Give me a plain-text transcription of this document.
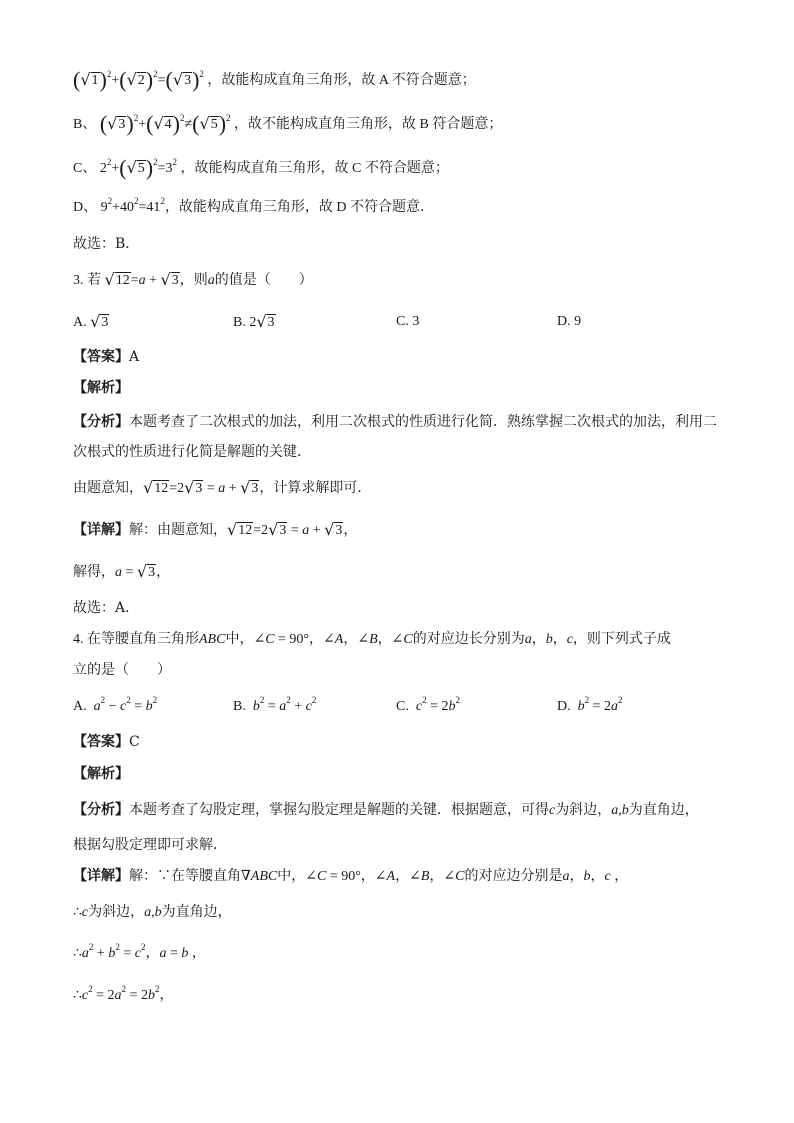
$(√1)^2+(√2)^2=(√3)^2$ ，故能构成直角三角形，故 A 不符合题意；
B、 $(√3)^2+(√4)^2\ne(√5)^2$ ，故不能构成直角三角形，故 B 符合题意；
C、 $2^2+(√5)^2=3^2$ ，故能构成直角三角形，故 C 不符合题意；
D、 $9^2+40^2=41^2$，故能构成直角三角形，故 D 不符合题意．
故选：B．
3. 若 √12=a + √3，则a的值是（　　）
A. √3	B. 2√3	C. 3	D. 9
【答案】A
【解析】
【分析】本题考查了二次根式的加法，利用二次根式的性质进行化简．熟练掌握二次根式的加法，利用二
次根式的性质进行化简是解题的关键．
由题意知，√12=2√3 = a + √3，计算求解即可．
【详解】解：由题意知，√12=2√3 = a + √3，
解得，a = √3，
故选：A．
4. 在等腰直角三角形ABC中，∠C = 90°，∠A，∠B，∠C的对应边长分别为a，b，c，则下列式子成
立的是（　　）
A. $a^2 - c^2 = b^2$	B. $b^2 = a^2 + c^2$	C. $c^2 = 2b^2$	D. $b^2 = 2a^2$
【答案】C
【解析】
【分析】本题考查了勾股定理，掌握勾股定理是解题的关键．根据题意，可得c为斜边，a,b为直角边，
根据勾股定理即可求解．
【详解】解：∵在等腰直角∇ABC中，∠C = 90°，∠A，∠B，∠C的对应边分别是a，b，c ，
∴c为斜边，a,b为直角边，
$\therefore a^2 + b^2 = c^2$，a = b ，
$\therefore c^2 = 2a^2 = 2b^2$，
